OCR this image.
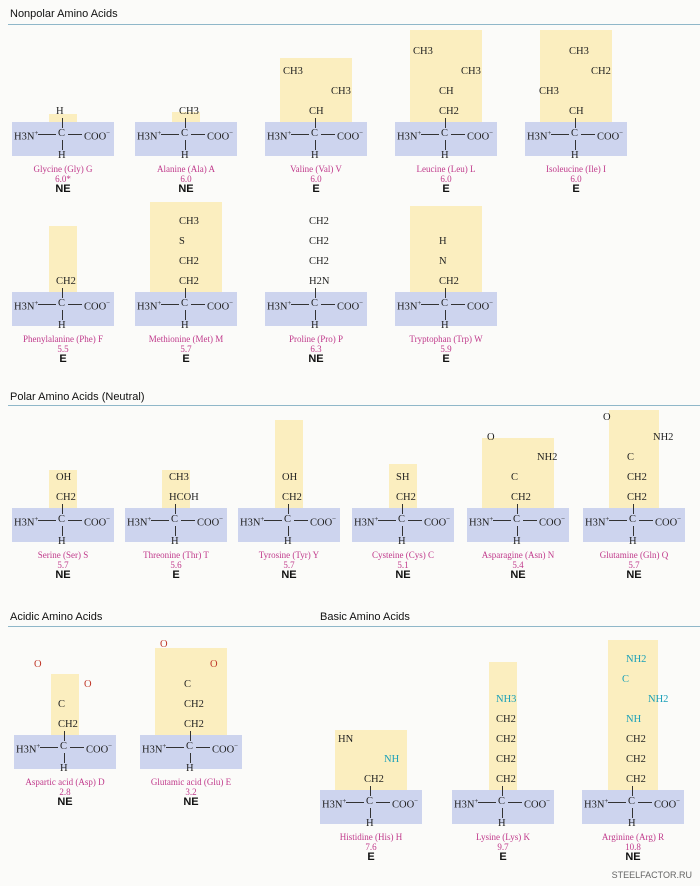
Nonpolar Amino Acids
Polar Amino Acids (Neutral)
Acidic Amino Acids	Basic Amino Acids
H
H3N+ C COO−
H
Glycine (Gly) G
6.0*
NE
CH3
H3N+ C COO−
H
Alanine (Ala) A
6.0
NE
CH3
CH3
CH
H3N+ C COO−
H
Valine (Val) V
6.0
E
CH3
CH3
CH
CH2
H3N+ C COO−
H
Leucine (Leu) L
6.0
E
CH3
CH2
CH3
CH
H3N+ C COO−
H
Isoleucine (Ile) I
6.0
E
CH2
H3N+ C COO−
H
Phenylalanine (Phe) F
5.5
E
CH3
S
CH2
CH2
H3N+ C COO−
H
Methionine (Met) M
5.7
E
CH2
CH2
CH2
H2N
H3N+ C COO−
H
Proline (Pro) P
6.3
NE
H
N
CH2
H3N+ C COO−
H
Tryptophan (Trp) W
5.9
E
OH
CH2
H3N+ C COO−
H
Serine (Ser) S
5.7
NE
CH3
HCOH
H3N+ C COO−
H
Threonine (Thr) T
5.6
E
OH
CH2
H3N+ C COO−
H
Tyrosine (Tyr) Y
5.7
NE
SH
CH2
H3N+ C COO−
H
Cysteine (Cys) C
5.1
NE
O
NH2
C
CH2
H3N+ C COO−
H
Asparagine (Asn) N
5.4
NE
O
NH2
C
CH2
CH2
H3N+ C COO−
H
Glutamine (Gln) Q
5.7
NE
O
O
C
CH2
H3N+ C COO−
H
Aspartic acid (Asp) D
2.8
NE
O
O
C
CH2
CH2
H3N+ C COO−
H
Glutamic acid (Glu) E
3.2
NE
HN
NH
CH2
H3N+ C COO−
H
Histidine (His) H
7.6
E
NH3
CH2
CH2
CH2
CH2
H3N+ C COO−
H
Lysine (Lys) K
9.7
E
NH2
C
NH2
NH
CH2
CH2
CH2
H3N+ C COO−
H
Arginine (Arg) R
10.8
NE
STEELFACTOR.RU
